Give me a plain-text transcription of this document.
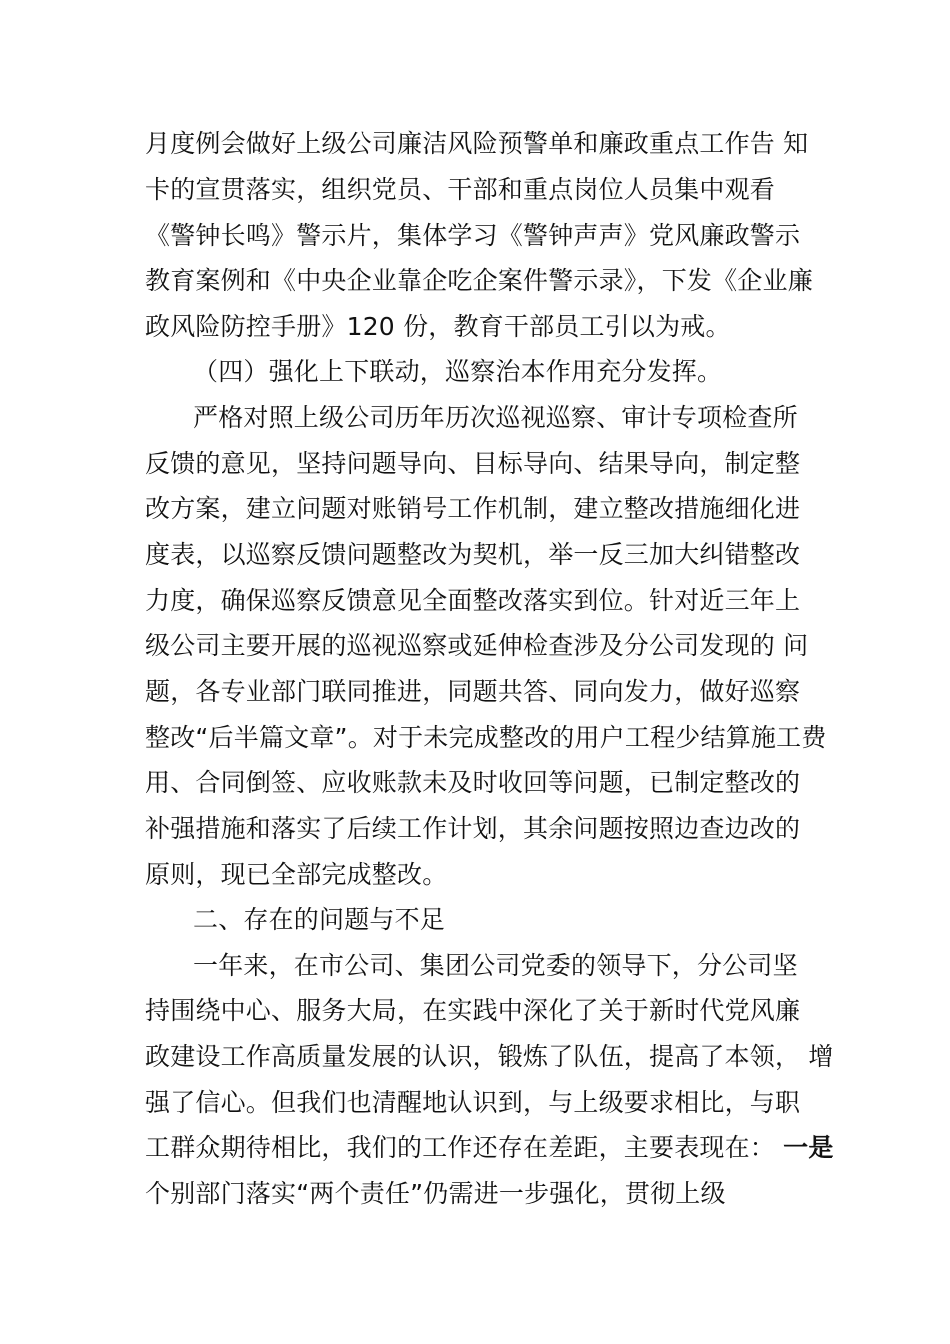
月度例会做好上级公司廉洁风险预警单和廉政重点工作告 知
卡的宣贯落实，组织党员、干部和重点岗位人员集中观看
《警钟长鸣》警示片，集体学习《警钟声声》党风廉政警示
教育案例和《中央企业靠企吃企案件警示录》，下发《企业廉
政风险防控手册》120 份，教育干部员工引以为戒。
（四）强化上下联动，巡察治本作用充分发挥。
严格对照上级公司历年历次巡视巡察、审计专项检查所
反馈的意见，坚持问题导向、目标导向、结果导向，制定整
改方案，建立问题对账销号工作机制，建立整改措施细化进
度表，以巡察反馈问题整改为契机，举一反三加大纠错整改
力度，确保巡察反馈意见全面整改落实到位。针对近三年上
级公司主要开展的巡视巡察或延伸检查涉及分公司发现的 问
题，各专业部门联同推进，同题共答、同向发力，做好巡察
整改“后半篇文章”。对于未完成整改的用户工程少结算施工费
用、合同倒签、应收账款未及时收回等问题，已制定整改的
补强措施和落实了后续工作计划，其余问题按照边查边改的
原则，现已全部完成整改。
二、存在的问题与不足
一年来，在市公司、集团公司党委的领导下，分公司坚
持围绕中心、服务大局，在实践中深化了关于新时代党风廉
政建设工作高质量发展的认识，锻炼了队伍，提高了本领， 增
强了信心。但我们也清醒地认识到，与上级要求相比，与职
工群众期待相比，我们的工作还存在差距，主要表现在： 一是
个别部门落实“两个责任”仍需进一步强化，贯彻上级
